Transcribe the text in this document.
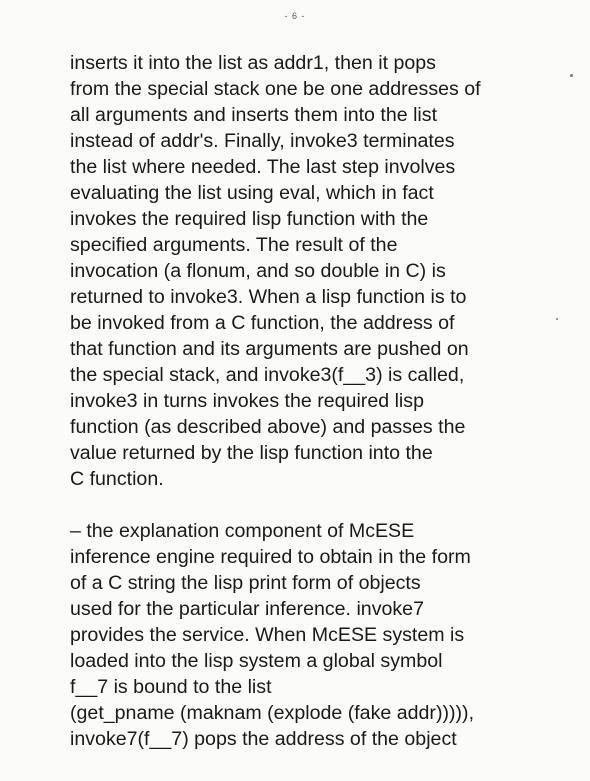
- 6 -
inserts it into the list as addr1, then it pops
from the special stack one be one addresses of
all arguments and inserts them into the list
instead of addr's. Finally, invoke3 terminates
the list where needed. The last step involves
evaluating the list using eval, which in fact
invokes the required lisp function with the
specified arguments. The result of the
invocation (a flonum, and so double in C) is
returned to invoke3. When a lisp function is to
be invoked from a C function, the address of
that function and its arguments are pushed on
the special stack, and invoke3(f__3) is called,
invoke3 in turns invokes the required lisp
function (as described above) and passes the
value returned by the lisp function into the
C function.
– the explanation component of McESE
inference engine required to obtain in the form
of a C string the lisp print form of objects
used for the particular inference. invoke7
provides the service. When McESE system is
loaded into the lisp system a global symbol
f__7 is bound to the list
(get_pname (maknam (explode (fake addr))))),
invoke7(f__7) pops the address of the object
